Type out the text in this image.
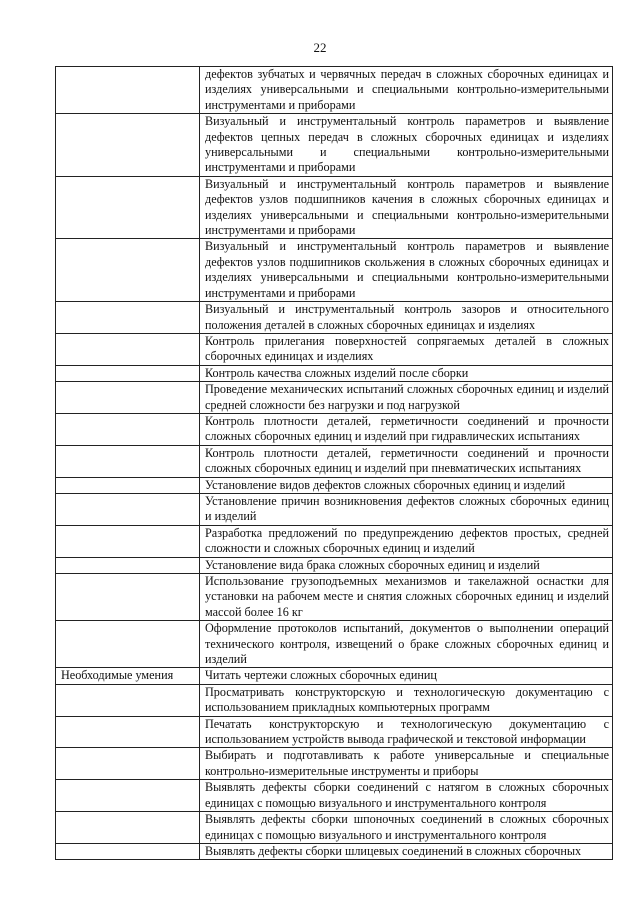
22
	дефектов зубчатых и червячных передач в сложных сборочных единицах и изделиях универсальными и специальными контрольно-измерительными инструментами и приборами
	Визуальный и инструментальный контроль параметров и выявление дефектов цепных передач в сложных сборочных единицах и изделиях универсальными и специальными контрольно-измерительными инструментами и приборами
	Визуальный и инструментальный контроль параметров и выявление дефектов узлов подшипников качения в сложных сборочных единицах и изделиях универсальными и специальными контрольно-измерительными инструментами и приборами
	Визуальный и инструментальный контроль параметров и выявление дефектов узлов подшипников скольжения в сложных сборочных единицах и изделиях универсальными и специальными контрольно-измерительными инструментами и приборами
	Визуальный и инструментальный контроль зазоров и относительного положения деталей в сложных сборочных единицах и изделиях
	Контроль прилегания поверхностей сопрягаемых деталей в сложных сборочных единицах и изделиях
	Контроль качества сложных изделий после сборки
	Проведение механических испытаний сложных сборочных единиц и изделий средней сложности без нагрузки и под нагрузкой
	Контроль плотности деталей, герметичности соединений и прочности сложных сборочных единиц и изделий при гидравлических испытаниях
	Контроль плотности деталей, герметичности соединений и прочности сложных сборочных единиц и изделий при пневматических испытаниях
	Установление видов дефектов сложных сборочных единиц и изделий
	Установление причин возникновения дефектов сложных сборочных единиц и изделий
	Разработка предложений по предупреждению дефектов простых, средней сложности и сложных сборочных единиц и изделий
	Установление вида брака сложных сборочных единиц и изделий
	Использование грузоподъемных механизмов и такелажной оснастки для установки на рабочем месте и снятия сложных сборочных единиц и изделий массой более 16 кг
	Оформление протоколов испытаний, документов о выполнении операций технического контроля, извещений о браке сложных сборочных единиц и изделий
Необходимые умения	Читать чертежи сложных сборочных единиц
	Просматривать конструкторскую и технологическую документацию с использованием прикладных компьютерных программ
	Печатать конструкторскую и технологическую документацию с использованием устройств вывода графической и текстовой информации
	Выбирать и подготавливать к работе универсальные и специальные контрольно-измерительные инструменты и приборы
	Выявлять дефекты сборки соединений с натягом в сложных сборочных единицах с помощью визуального и инструментального контроля
	Выявлять дефекты сборки шпоночных соединений в сложных сборочных единицах с помощью визуального и инструментального контроля
	Выявлять дефекты сборки шлицевых соединений в сложных сборочных
